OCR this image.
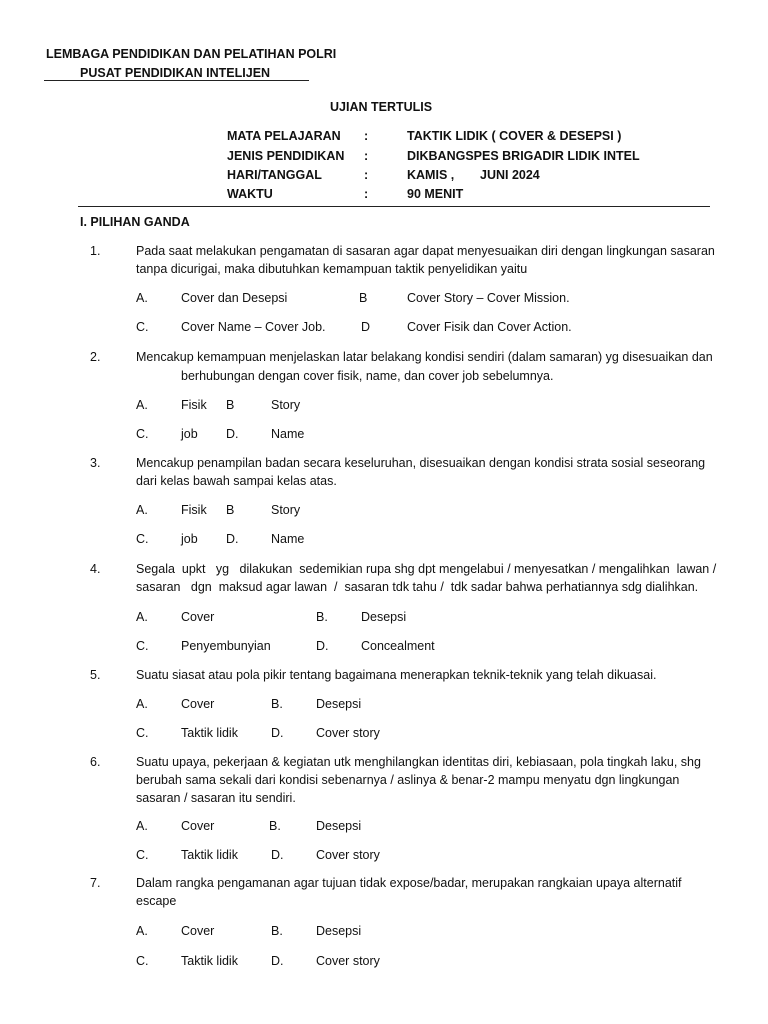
LEMBAGA PENDIDIKAN DAN PELATIHAN POLRI
PUSAT PENDIDIKAN INTELIJEN
UJIAN TERTULIS
MATA PELAJARAN :	TAKTIK LIDIK ( COVER & DESEPSI )
JENIS PENDIDIKAN :	DIKBANGSPES BRIGADIR LIDIK INTEL
HARI/TANGGAL	:	KAMIS , JUNI 2024
WAKTU	:	90 MENIT
I. PILIHAN GANDA
1.	Pada saat melakukan pengamatan di sasaran agar dapat menyesuaikan diri dengan lingkungan sasaran
tanpa dicurigai, maka dibutuhkan kemampuan taktik penyelidikan yaitu
A.	Cover dan Desepsi	B	Cover Story – Cover Mission.
C.	Cover Name – Cover Job.	D	Cover Fisik dan Cover Action.
2.	Mencakup kemampuan menjelaskan latar belakang kondisi sendiri (dalam samaran) yg disesuaikan dan
berhubungan dengan cover fisik, name, dan cover job sebelumnya.
A.	Fisik B	Story
C.	job D.	Name
3.	Mencakup penampilan badan secara keseluruhan, disesuaikan dengan kondisi strata sosial seseorang
dari kelas bawah sampai kelas atas.
A.	Fisik B	Story
C.	job D.	Name
4.	Segala  upkt   yg   dilakukan  sedemikian rupa shg dpt mengelabui / menyesatkan / mengalihkan  lawan /
sasaran   dgn  maksud agar lawan  /  sasaran tdk tahu /  tdk sadar bahwa perhatiannya sdg dialihkan.
A.	Cover	B.	Desepsi
C.	Penyembunyian	D.	Concealment
5.	Suatu siasat atau pola pikir tentang bagaimana menerapkan teknik-teknik yang telah dikuasai.
A.	Cover	B.	Desepsi
C.	Taktik lidik	D.	Cover story
6.	Suatu upaya, pekerjaan & kegiatan utk menghilangkan identitas diri, kebiasaan, pola tingkah laku, shg
berubah sama sekali dari kondisi sebenarnya / aslinya & benar-2 mampu menyatu dgn lingkungan
sasaran / sasaran itu sendiri.
A.	Cover	B.	Desepsi
C.	Taktik lidik	D.	Cover story
7.	Dalam rangka pengamanan agar tujuan tidak expose/badar, merupakan rangkaian upaya alternatif
escape
A.	Cover	B.	Desepsi
C.	Taktik lidik	D.	Cover story
